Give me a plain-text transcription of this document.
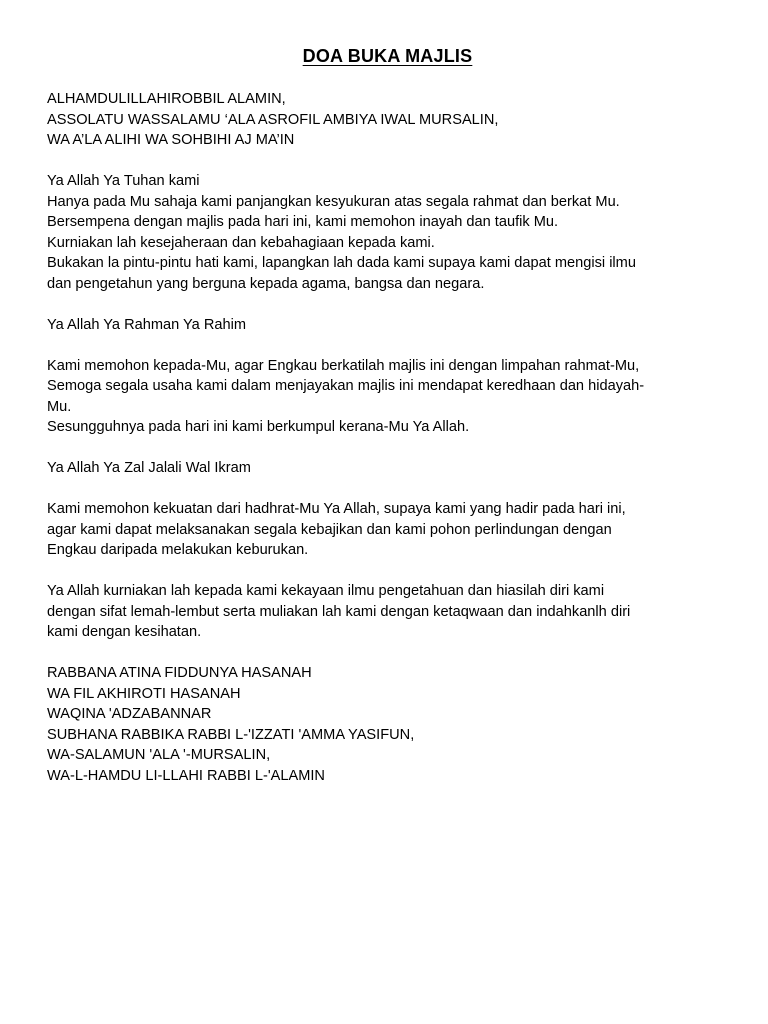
DOA BUKA MAJLIS
ALHAMDULILLAHIROBBIL ALAMIN,
ASSOLATU WASSALAMU ‘ALA ASROFIL AMBIYA IWAL MURSALIN,
WA A’LA ALIHI WA SOHBIHI AJ MA’IN
Ya Allah Ya Tuhan kami
Hanya pada Mu sahaja kami panjangkan kesyukuran atas segala rahmat dan berkat Mu.
Bersempena dengan majlis pada hari ini, kami memohon inayah dan taufik Mu.
Kurniakan lah kesejaheraan dan kebahagiaan kepada kami.
Bukakan la pintu-pintu hati kami, lapangkan lah dada kami supaya kami dapat mengisi ilmu
dan pengetahun yang berguna kepada agama, bangsa dan negara.
Ya Allah Ya Rahman Ya Rahim
Kami memohon kepada-Mu, agar Engkau berkatilah majlis ini dengan limpahan rahmat-Mu,
Semoga segala usaha kami dalam menjayakan majlis ini mendapat keredhaan dan hidayah-
Mu.
Sesungguhnya pada hari ini kami berkumpul kerana-Mu Ya Allah.
Ya Allah Ya Zal Jalali Wal Ikram
Kami memohon kekuatan dari hadhrat-Mu Ya Allah, supaya kami yang hadir pada hari ini,
agar kami dapat melaksanakan segala kebajikan dan kami pohon perlindungan dengan
Engkau daripada melakukan keburukan.
Ya Allah kurniakan lah kepada kami kekayaan ilmu pengetahuan dan hiasilah diri kami
dengan sifat lemah-lembut serta muliakan lah kami dengan ketaqwaan dan indahkanlh diri
kami dengan kesihatan.
RABBANA ATINA FIDDUNYA HASANAH
WA FIL AKHIROTI HASANAH
WAQINA 'ADZABANNAR
SUBHANA RABBIKA RABBI L-'IZZATI 'AMMA YASIFUN,
WA-SALAMUN 'ALA '-MURSALIN,
WA-L-HAMDU LI-LLAHI RABBI L-'ALAMIN
